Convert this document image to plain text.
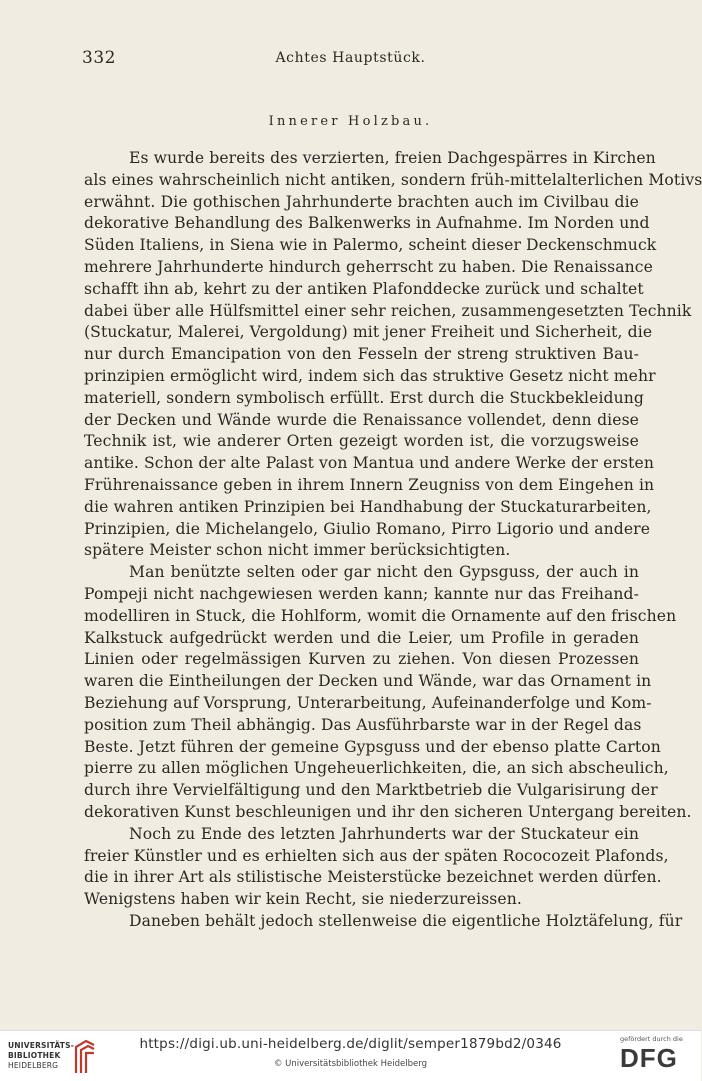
332	Achtes Hauptstück.
Innerer Holzbau.
Es wurde bereits des verzierten, freien Dachgespärres in Kirchen
als eines wahrscheinlich nicht antiken, sondern früh-mittelalterlichen Motivs
erwähnt. Die gothischen Jahrhunderte brachten auch im Civilbau die
dekorative Behandlung des Balkenwerks in Aufnahme. Im Norden und
Süden Italiens, in Siena wie in Palermo, scheint dieser Deckenschmuck
mehrere Jahrhunderte hindurch geherrscht zu haben. Die Renaissance
schafft ihn ab, kehrt zu der antiken Plafonddecke zurück und schaltet
dabei über alle Hülfsmittel einer sehr reichen, zusammengesetzten Technik
(Stuckatur, Malerei, Vergoldung) mit jener Freiheit und Sicherheit, die
nur durch Emancipation von den Fesseln der streng struktiven Bau-
prinzipien ermöglicht wird, indem sich das struktive Gesetz nicht mehr
materiell, sondern symbolisch erfüllt. Erst durch die Stuckbekleidung
der Decken und Wände wurde die Renaissance vollendet, denn diese
Technik ist, wie anderer Orten gezeigt worden ist, die vorzugsweise
antike. Schon der alte Palast von Mantua und andere Werke der ersten
Frührenaissance geben in ihrem Innern Zeugniss von dem Eingehen in
die wahren antiken Prinzipien bei Handhabung der Stuckaturarbeiten,
Prinzipien, die Michelangelo, Giulio Romano, Pirro Ligorio und andere
spätere Meister schon nicht immer berücksichtigten.
Man benützte selten oder gar nicht den Gypsguss, der auch in
Pompeji nicht nachgewiesen werden kann; kannte nur das Freihand-
modelliren in Stuck, die Hohlform, womit die Ornamente auf den frischen
Kalkstuck aufgedrückt werden und die Leier, um Profile in geraden
Linien oder regelmässigen Kurven zu ziehen. Von diesen Prozessen
waren die Eintheilungen der Decken und Wände, war das Ornament in
Beziehung auf Vorsprung, Unterarbeitung, Aufeinanderfolge und Kom-
position zum Theil abhängig. Das Ausführbarste war in der Regel das
Beste. Jetzt führen der gemeine Gypsguss und der ebenso platte Carton
pierre zu allen möglichen Ungeheuerlichkeiten, die, an sich abscheulich,
durch ihre Vervielfältigung und den Marktbetrieb die Vulgarisirung der
dekorativen Kunst beschleunigen und ihr den sicheren Untergang bereiten.
Noch zu Ende des letzten Jahrhunderts war der Stuckateur ein
freier Künstler und es erhielten sich aus der späten Rococozeit Plafonds,
die in ihrer Art als stilistische Meisterstücke bezeichnet werden dürfen.
Wenigstens haben wir kein Recht, sie niederzureissen.
Daneben behält jedoch stellenweise die eigentliche Holztäfelung, für
UNIVERSITÄTS-
BIBLIOTHEK
HEIDELBERG
https://digi.ub.uni-heidelberg.de/diglit/semper1879bd2/0346
© Universitätsbibliothek Heidelberg
gefördert durch die
DFG
